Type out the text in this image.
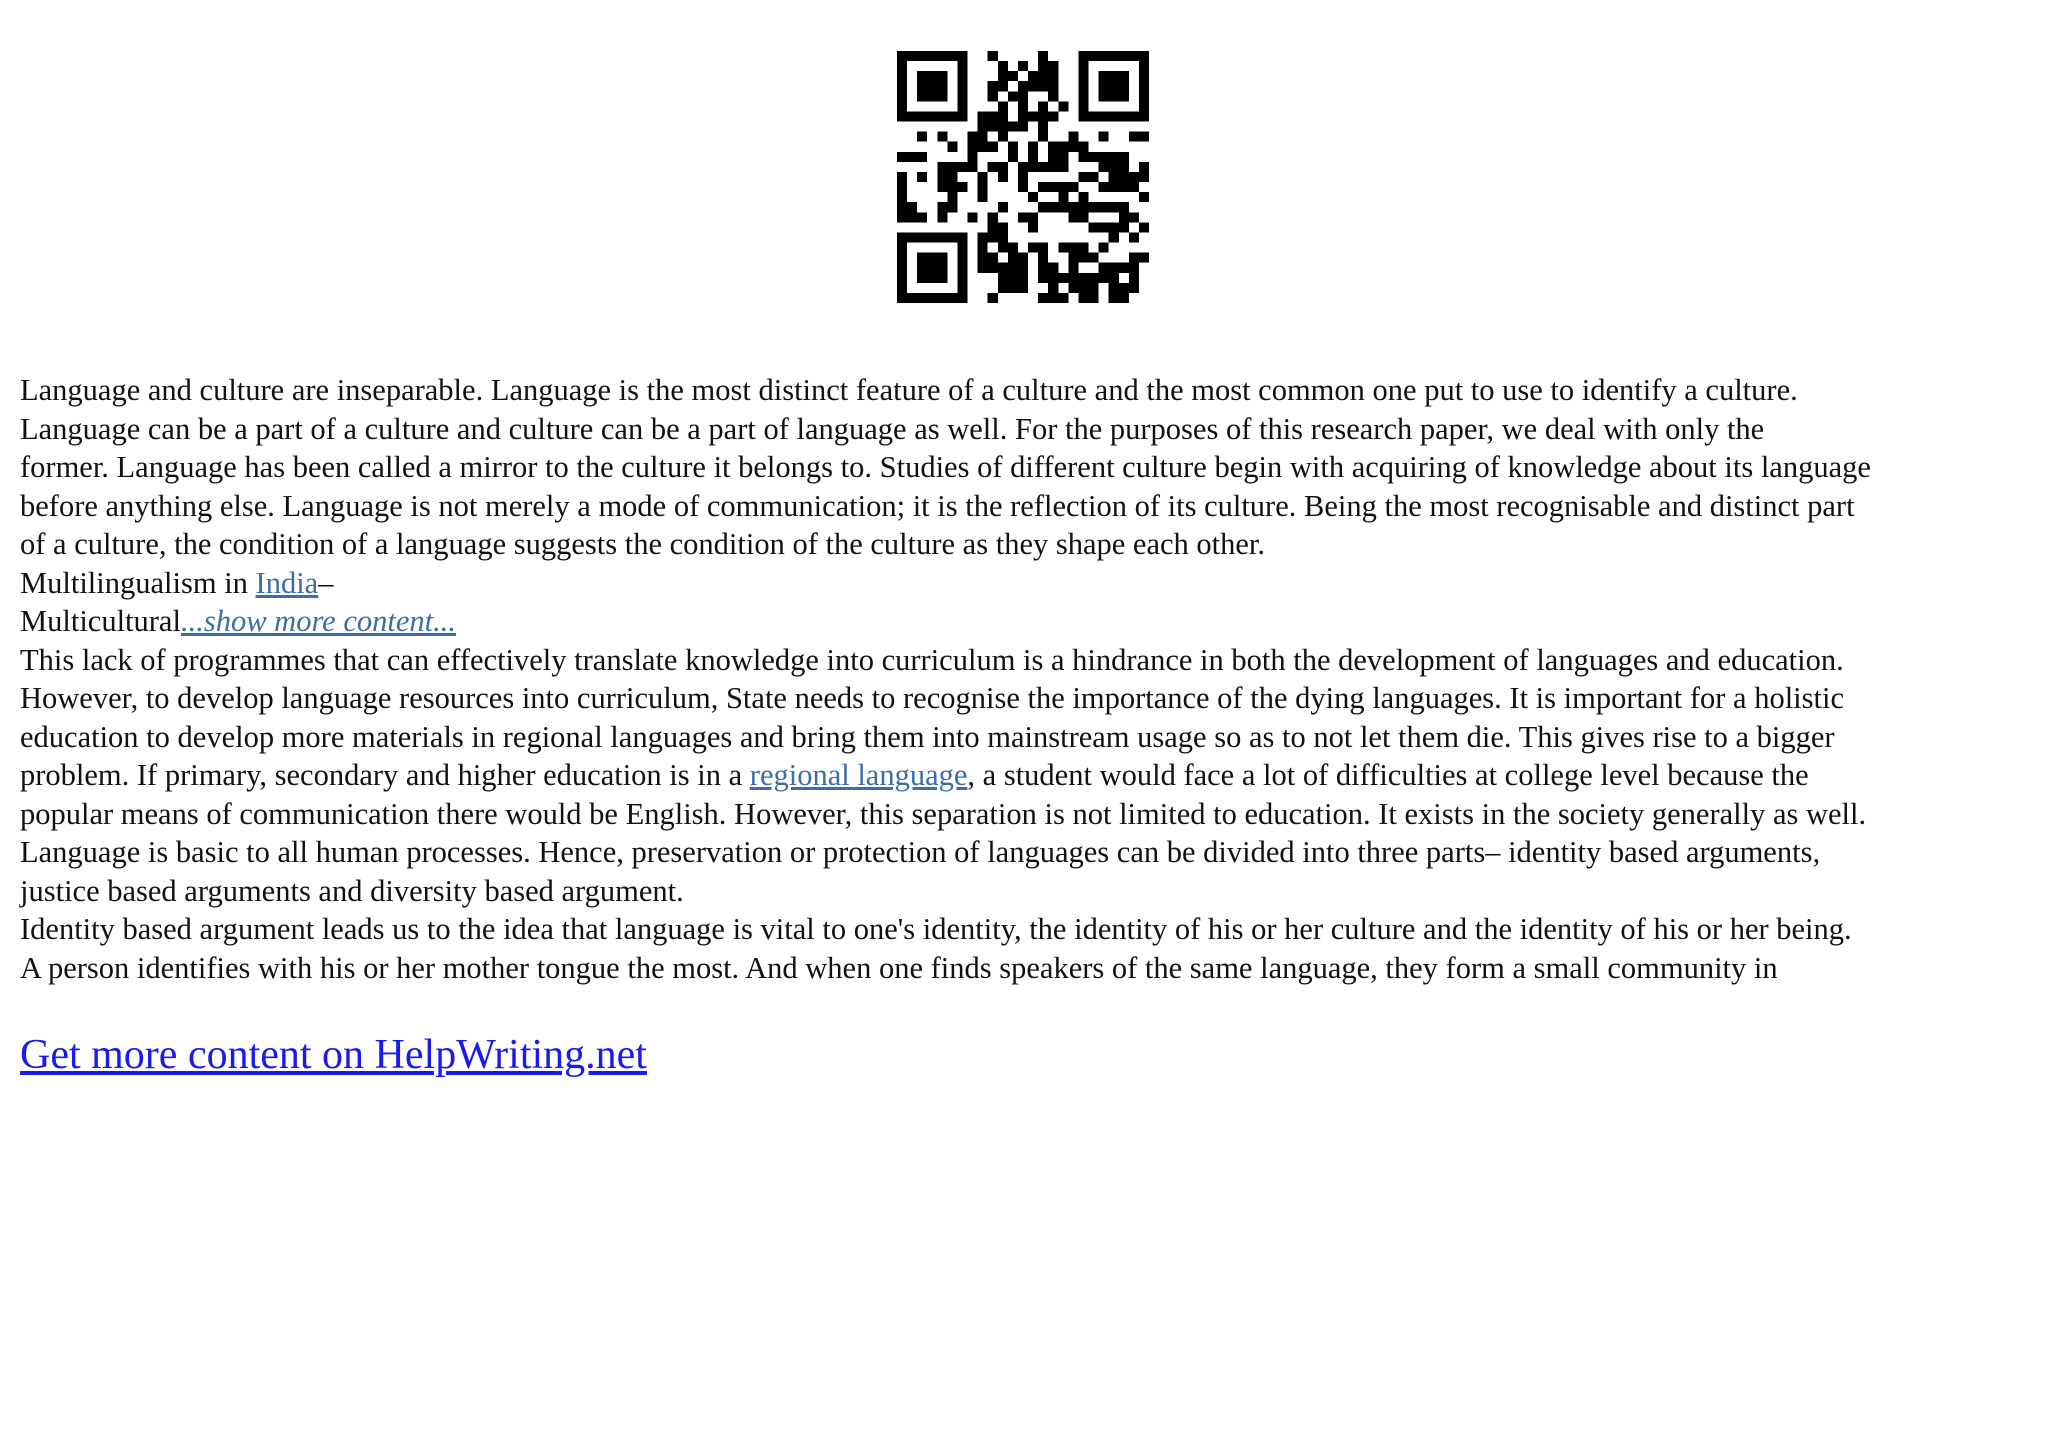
Language and culture are inseparable. Language is the most distinct feature of a culture and the most common one put to use to identify a culture.
Language can be a part of a culture and culture can be a part of language as well. For the purposes of this research paper, we deal with only the
former. Language has been called a mirror to the culture it belongs to. Studies of different culture begin with acquiring of knowledge about its language
before anything else. Language is not merely a mode of communication; it is the reflection of its culture. Being the most recognisable and distinct part
of a culture, the condition of a language suggests the condition of the culture as they shape each other.
Multilingualism in India–
Multicultural...show more content...
This lack of programmes that can effectively translate knowledge into curriculum is a hindrance in both the development of languages and education.
However, to develop language resources into curriculum, State needs to recognise the importance of the dying languages. It is important for a holistic
education to develop more materials in regional languages and bring them into mainstream usage so as to not let them die. This gives rise to a bigger
problem. If primary, secondary and higher education is in a regional language, a student would face a lot of difficulties at college level because the
popular means of communication there would be English. However, this separation is not limited to education. It exists in the society generally as well.
Language is basic to all human processes. Hence, preservation or protection of languages can be divided into three parts– identity based arguments,
justice based arguments and diversity based argument.
Identity based argument leads us to the idea that language is vital to one's identity, the identity of his or her culture and the identity of his or her being.
A person identifies with his or her mother tongue the most. And when one finds speakers of the same language, they form a small community in
Get more content on HelpWriting.net
